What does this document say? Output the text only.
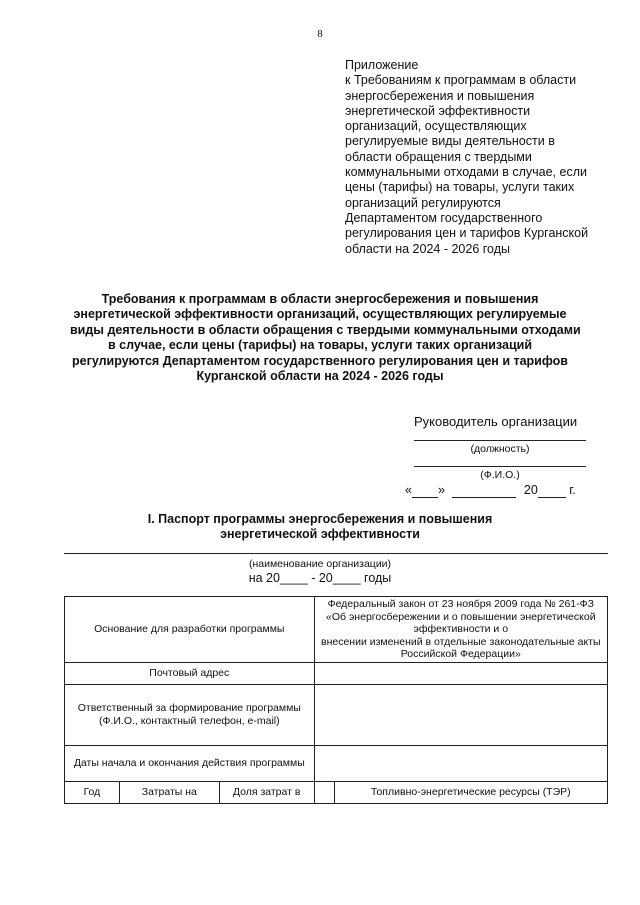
8
Приложение
к Требованиям к программам в области
энергосбережения и повышения
энергетической эффективности
организаций, осуществляющих
регулируемые виды деятельности в
области обращения с твердыми
коммунальными отходами в случае, если
цены (тарифы) на товары, услуги таких
организаций регулируются
Департаментом государственного
регулирования цен и тарифов Курганской
области на 2024 - 2026 годы
Требования к программам в области энергосбережения и повышения
энергетической эффективности организаций, осуществляющих регулируемые
виды деятельности в области обращения с твердыми коммунальными отходами
в случае, если цены (тарифы) на товары, услуги таких организаций
регулируются Департаментом государственного регулирования цен и тарифов
Курганской области на 2024 - 2026 годы
Руководитель организации
(должность)
(Ф.И.О.)
« »	20	г.
I. Паспорт программы энергосбережения и повышения
энергетической эффективности
(наименование организации)
на 20____ - 20____ годы
Основание для разработки программы			Федеральный закон от 23 ноября 2009 года № 261-ФЗ
«Об энергосбережении и о повышении энергетической эффективности и о
внесении изменений в отдельные законодательные акты
Российской Федерации»	

Почтовый адрес				
Ответственный за формирование программы (Ф.И.О., контактный телефон, e-mail)				
Даты начала и окончания действия программы				
Год	Затраты на	Доля затрат в		Топливно-энергетические ресурсы (ТЭР)
